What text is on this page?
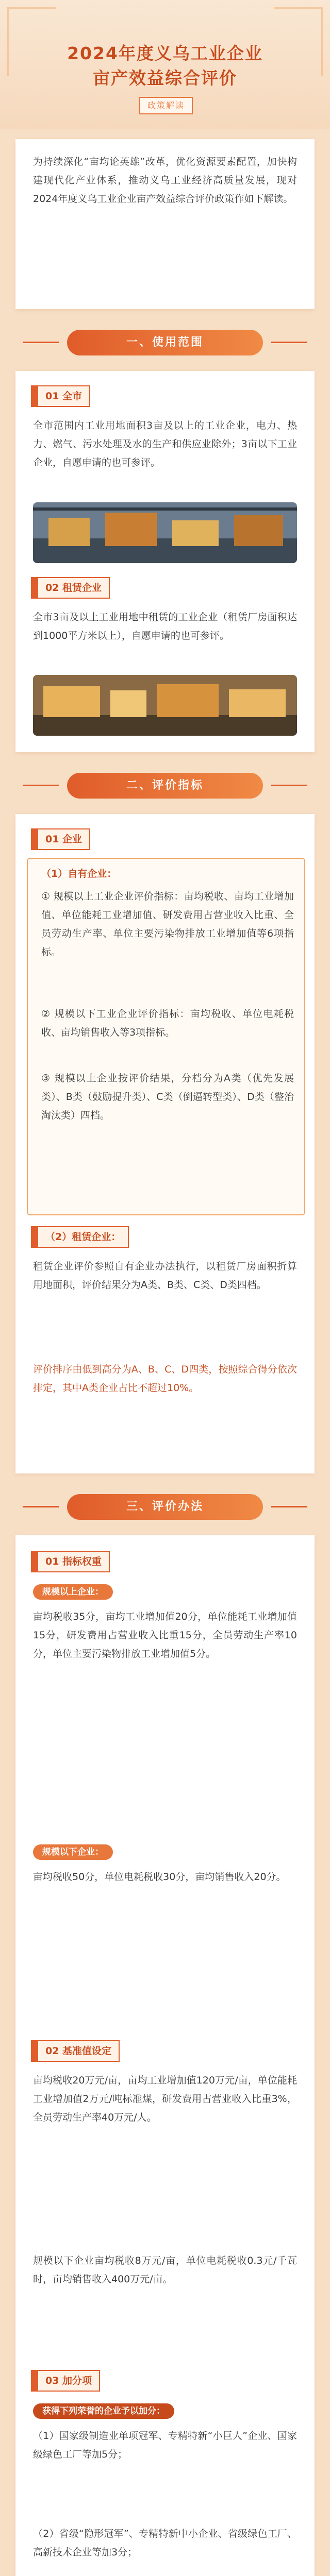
2024年度义乌工业企业
亩产效益综合评价
政策解读
为持续深化“亩均论英雄”改革，优化资源要素配置，加快构建现代化产业体系，推动义乌工业经济高质量发展，现对2024年度义乌工业企业亩产效益综合评价政策作如下解读。
一、使用范围
01 全市
全市范围内工业用地面积3亩及以上的工业企业，电力、热力、燃气、污水处理及水的生产和供应业除外；3亩以下工业企业，自愿申请的也可参评。
02 租赁企业
全市3亩及以上工业用地中租赁的工业企业（租赁厂房面积达到1000平方米以上），自愿申请的也可参评。
二、评价指标
01 企业
（1）自有企业：
① 规模以上工业企业评价指标：亩均税收、亩均工业增加值、单位能耗工业增加值、研发费用占营业收入比重、全员劳动生产率、单位主要污染物排放工业增加值等6项指标。
② 规模以下工业企业评价指标：亩均税收、单位电耗税收、亩均销售收入等3项指标。
③ 规模以上企业按评价结果，分档分为A类（优先发展类）、B类（鼓励提升类）、C类（倒逼转型类）、D类（整治淘汰类）四档。
（2）租赁企业：
租赁企业评价参照自有企业办法执行，以租赁厂房面积折算用地面积，评价结果分为A类、B类、C类、D类四档。
评价排序由低到高分为A、B、C、D四类，按照综合得分依次排定，其中A类企业占比不超过10%。
三、评价办法
01 指标权重
规模以上企业：
亩均税收35分，亩均工业增加值20分，单位能耗工业增加值15分，研发费用占营业收入比重15分，全员劳动生产率10分，单位主要污染物排放工业增加值5分。
规模以下企业：
亩均税收50分，单位电耗税收30分，亩均销售收入20分。
02 基准值设定
亩均税收20万元/亩，亩均工业增加值120万元/亩，单位能耗工业增加值2万元/吨标准煤，研发费用占营业收入比重3%，全员劳动生产率40万元/人。
规模以下企业亩均税收8万元/亩，单位电耗税收0.3元/千瓦时，亩均销售收入400万元/亩。
03 加分项
获得下列荣誉的企业予以加分：
（1）国家级制造业单项冠军、专精特新“小巨人”企业、国家级绿色工厂等加5分；
（2）省级“隐形冠军”、专精特新中小企业、省级绿色工厂、高新技术企业等加3分；
